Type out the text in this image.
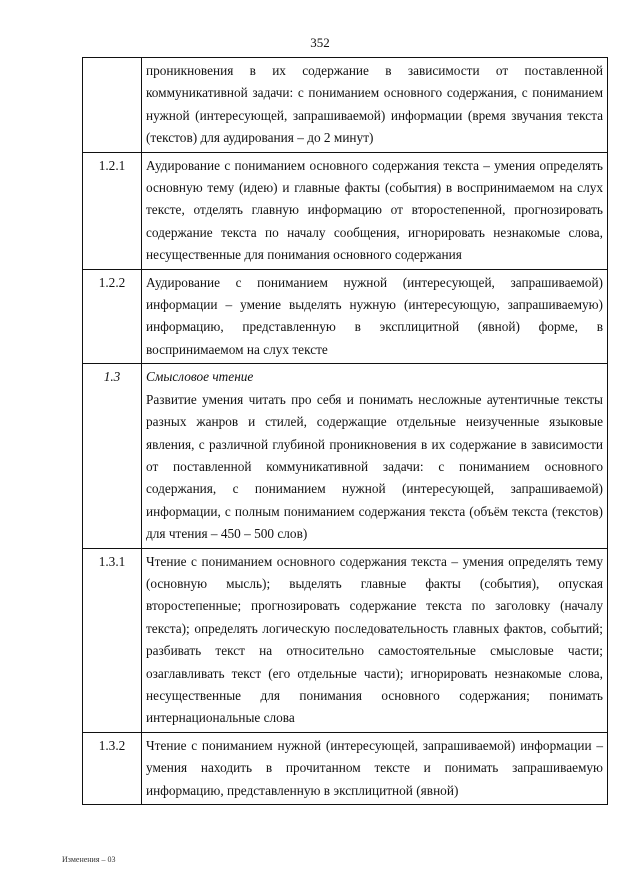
352
	проникновения в их содержание в зависимости от поставленной коммуникативной задачи: с пониманием основного содержания, с пониманием нужной (интересующей, запрашиваемой) информации (время звучания текста (текстов) для аудирования – до 2 минут)
1.2.1	Аудирование с пониманием основного содержания текста – умения определять основную тему (идею) и главные факты (события) в воспринимаемом на слух тексте, отделять главную информацию от второстепенной, прогнозировать содержание текста по началу сообщения, игнорировать незнакомые слова, несущественные для понимания основного содержания
1.2.2	Аудирование с пониманием нужной (интересующей, запрашиваемой) информации – умение выделять нужную (интересующую, запрашиваемую) информацию, представленную в эксплицитной (явной) форме, в воспринимаемом на слух тексте
1.3	Смысловое чтение
Развитие умения читать про себя и понимать несложные аутентичные тексты разных жанров и стилей, содержащие отдельные неизученные языковые явления, с различной глубиной проникновения в их содержание в зависимости от поставленной коммуникативной задачи: с пониманием основного содержания, с пониманием нужной (интересующей, запрашиваемой) информации, с полным пониманием содержания текста (объём текста (текстов) для чтения – 450 – 500 слов)

1.3.1	Чтение с пониманием основного содержания текста – умения определять тему (основную мысль); выделять главные факты (события), опуская второстепенные; прогнозировать содержание текста по заголовку (началу текста); определять логическую последовательность главных фактов, событий; разбивать текст на относительно самостоятельные смысловые части; озаглавливать текст (его отдельные части); игнорировать незнакомые слова, несущественные для понимания основного содержания; понимать интернациональные слова
1.3.2	Чтение с пониманием нужной (интересующей, запрашиваемой) информации – умения находить в прочитанном тексте и понимать запрашиваемую информацию, представленную в эксплицитной (явной)
Изменения – 03
